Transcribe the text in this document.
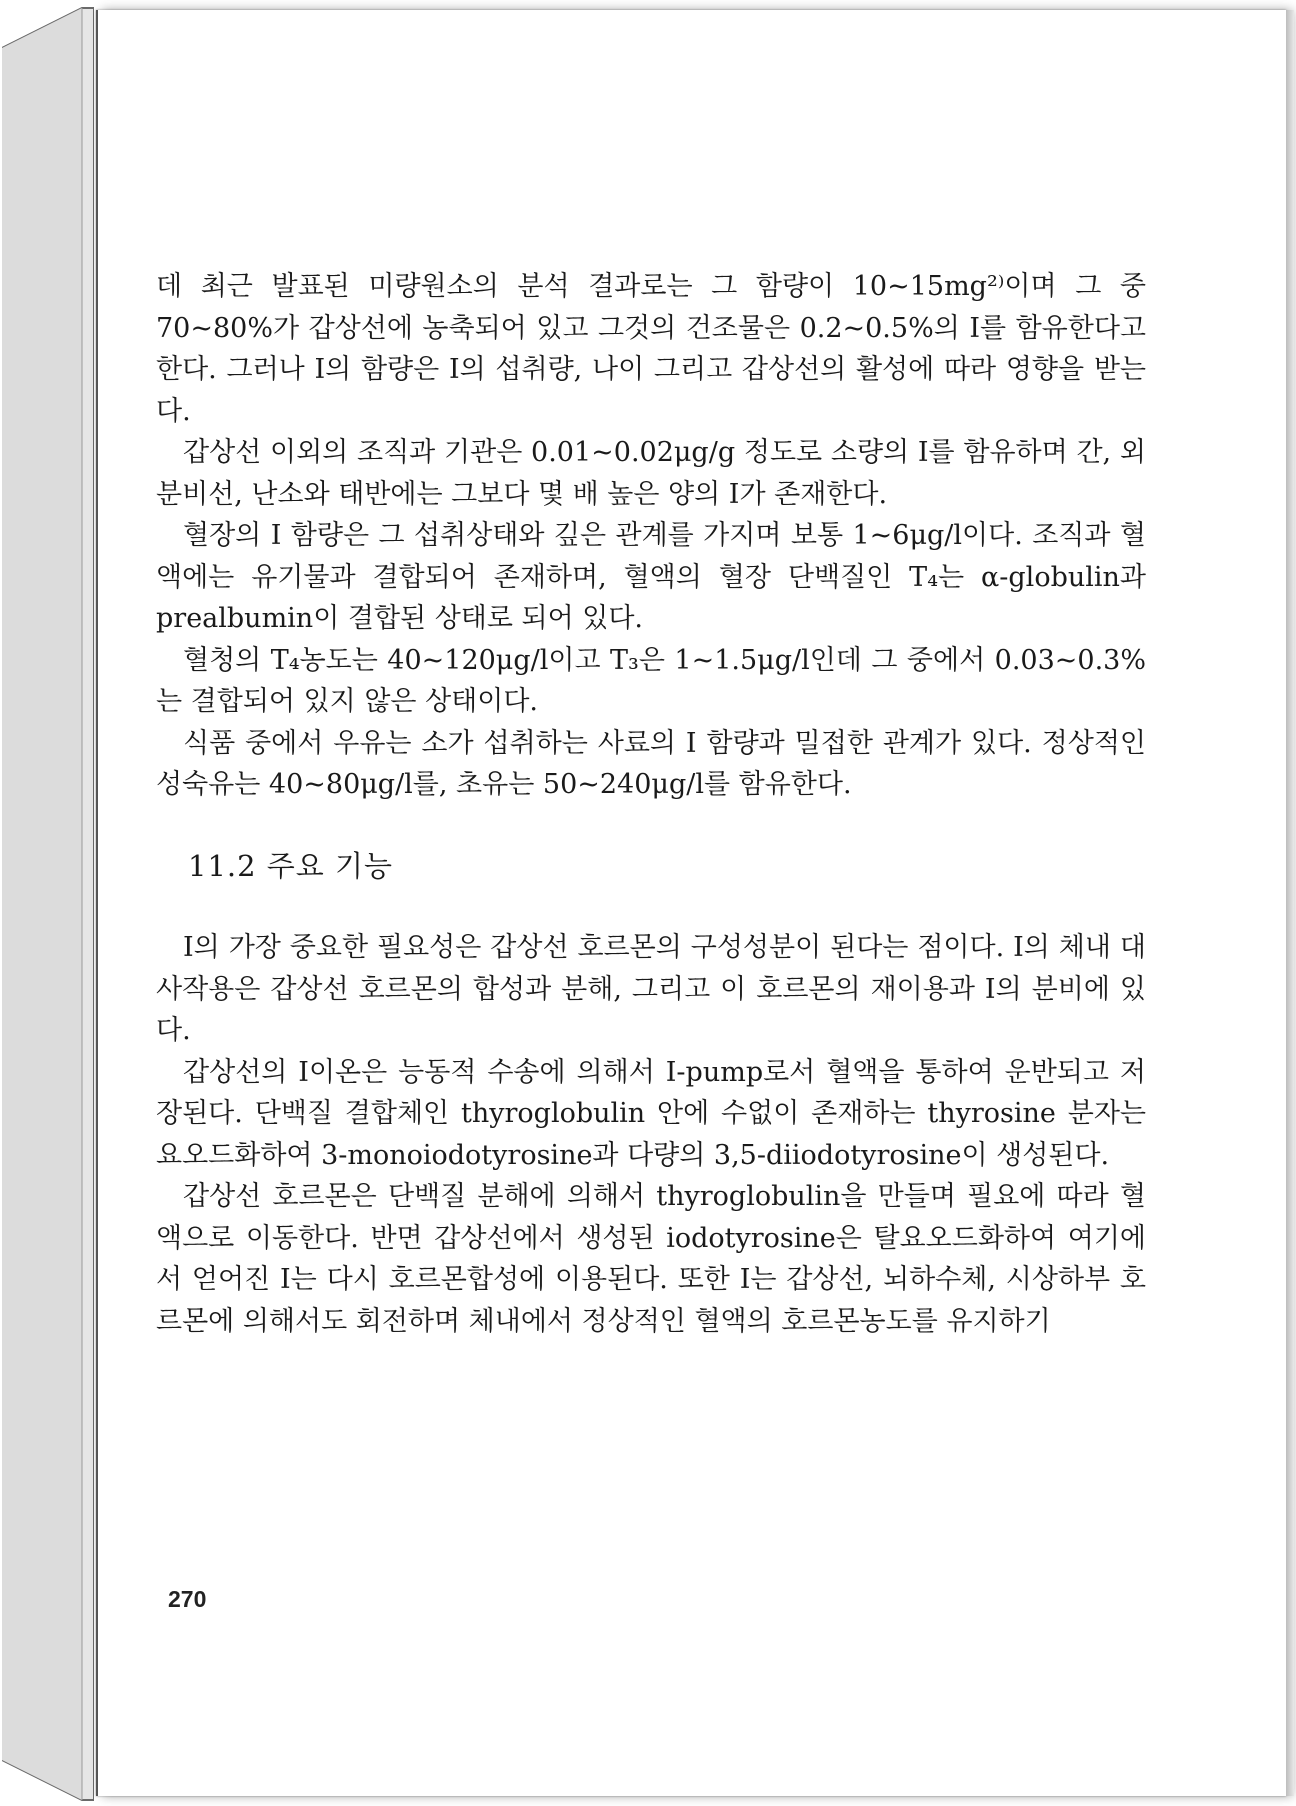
데 최근 발표된 미량원소의 분석 결과로는 그 함량이 10~15mg²⁾이며 그 중 70~80%가 갑상선에 농축되어 있고 그것의 건조물은 0.2~0.5%의 I를 함유한다고 한다. 그러나 I의 함량은 I의 섭취량, 나이 그리고 갑상선의 활성에 따라 영향을 받는다.

갑상선 이외의 조직과 기관은 0.01~0.02μg/g 정도로 소량의 I를 함유하며 간, 외분비선, 난소와 태반에는 그보다 몇 배 높은 양의 I가 존재한다.

혈장의 I 함량은 그 섭취상태와 깊은 관계를 가지며 보통 1~6μg/l이다. 조직과 혈액에는 유기물과 결합되어 존재하며, 혈액의 혈장 단백질인 T₄는 α-globulin과 prealbumin이 결합된 상태로 되어 있다.

혈청의 T₄농도는 40~120μg/l이고 T₃은 1~1.5μg/l인데 그 중에서 0.03~0.3%는 결합되어 있지 않은 상태이다.

식품 중에서 우유는 소가 섭취하는 사료의 I 함량과 밀접한 관계가 있다. 정상적인 성숙유는 40~80μg/l를, 초유는 50~240μg/l를 함유한다.

11.2 주요 기능

I의 가장 중요한 필요성은 갑상선 호르몬의 구성성분이 된다는 점이다. I의 체내 대사작용은 갑상선 호르몬의 합성과 분해, 그리고 이 호르몬의 재이용과 I의 분비에 있다.

갑상선의 I이온은 능동적 수송에 의해서 I-pump로서 혈액을 통하여 운반되고 저장된다. 단백질 결합체인 thyroglobulin 안에 수없이 존재하는 thyrosine 분자는 요오드화하여 3-monoiodotyrosine과 다량의 3,5-diiodotyrosine이 생성된다.

갑상선 호르몬은 단백질 분해에 의해서 thyroglobulin을 만들며 필요에 따라 혈액으로 이동한다. 반면 갑상선에서 생성된 iodotyrosine은 탈요오드화하여 여기에서 얻어진 I는 다시 호르몬합성에 이용된다. 또한 I는 갑상선, 뇌하수체, 시상하부 호르몬에 의해서도 회전하며 체내에서 정상적인 혈액의 호르몬농도를 유지하기

270
